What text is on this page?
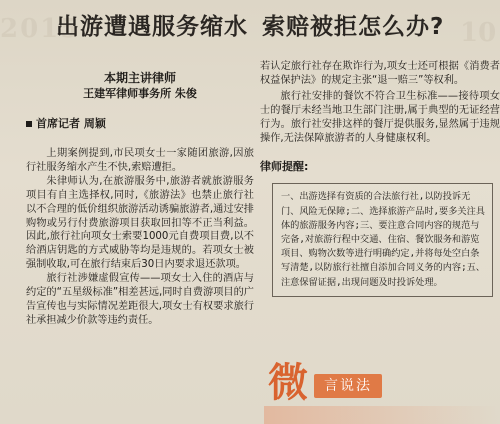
2015	10
出游遭遇服务缩水 索赔被拒怎么办?
本期主讲律师
王建军律师事务所 朱俊
首席记者 周颖

上期案例提到,市民项女士一家随团旅游,因旅行社服务缩水产生不快,索赔遭拒。

朱律师认为,在旅游服务中,旅游者就旅游服务项目有自主选择权,同时,《旅游法》也禁止旅行社以不合理的低价组织旅游活动诱骗旅游者,通过安排购物或另行付费旅游项目获取回扣等不正当利益。因此,旅行社向项女士索要1000元自费项目费,以不给酒店钥匙的方式威胁等均是违规的。若项女士被强制收取,可在旅行结束后30日内要求退还款项。

旅行社涉嫌虚假宣传——项女士入住的酒店与约定的“五星级标准”相差甚远,同时自费游项目的广告宣传也与实际情况差距很大,项女士有权要求旅行社承担减少价款等违约责任。

若认定旅行社存在欺诈行为,项女士还可根据《消费者权益保护法》的规定主张“退一赔三”等权利。

旅行社安排的餐饮不符合卫生标准——接待项女士的餐厅未经当地卫生部门注册,属于典型的无证经营行为。旅行社安排这样的餐厅提供服务,显然属于违规操作,无法保障旅游者的人身健康权利。

律师提醒:
一、出游选择有资质的合法旅行社,以防投诉无门、风险无保障;二、选择旅游产品时,要多关注具体的旅游服务内容;三、要注意合同内容的规范与完备,对旅游行程中交通、住宿、餐饮服务和游览项目、购物次数等进行明确约定,并将每处空白条写清楚,以防旅行社擅自添加合同义务的内容;五、注意保留证据,出现问题及时投诉处理。
微	言说法
